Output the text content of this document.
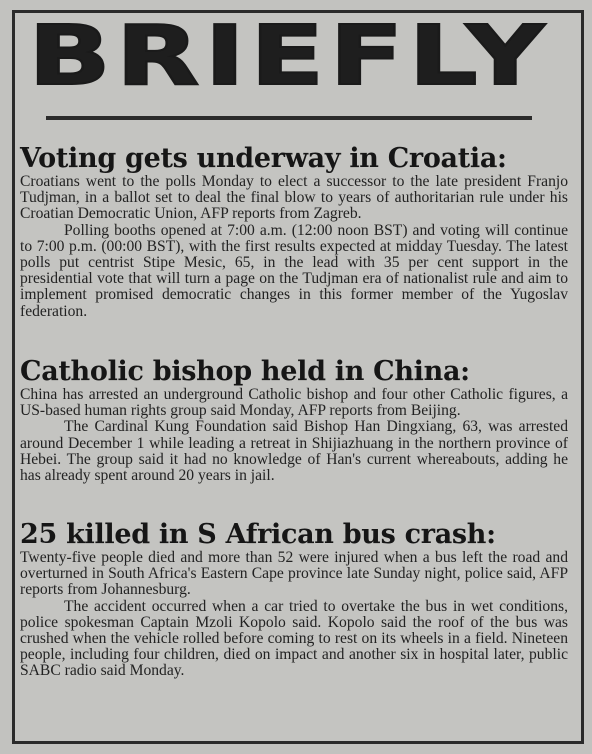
BRIEFLY
Voting gets underway in Croatia:

Croatians went to the polls Monday to elect a successor to the late president Franjo Tudjman, in a ballot set to deal the final blow to years of authoritarian rule under his Croatian Democratic Union, AFP reports from Zagreb.

Polling booths opened at 7:00 a.m. (12:00 noon BST) and voting will continue to 7:00 p.m. (00:00 BST), with the first results expected at midday Tuesday. The latest polls put centrist Stipe Mesic, 65, in the lead with 35 per cent support in the presidential vote that will turn a page on the Tudjman era of nationalist rule and aim to implement promised democratic changes in this former member of the Yugoslav federation.

Catholic bishop held in China:

China has arrested an underground Catholic bishop and four other Catholic figures, a US-based human rights group said Monday, AFP reports from Beijing.

The Cardinal Kung Foundation said Bishop Han Dingxiang, 63, was arrested around December 1 while leading a retreat in Shijiazhuang in the northern province of Hebei. The group said it had no knowledge of Han's current whereabouts, adding he has already spent around 20 years in jail.

25 killed in S African bus crash:

Twenty-five people died and more than 52 were injured when a bus left the road and overturned in South Africa's Eastern Cape province late Sunday night, police said, AFP reports from Johannesburg.

The accident occurred when a car tried to overtake the bus in wet conditions, police spokesman Captain Mzoli Kopolo said. Kopolo said the roof of the bus was crushed when the vehicle rolled before coming to rest on its wheels in a field. Nineteen people, including four children, died on impact and another six in hospital later, public SABC radio said Monday.
